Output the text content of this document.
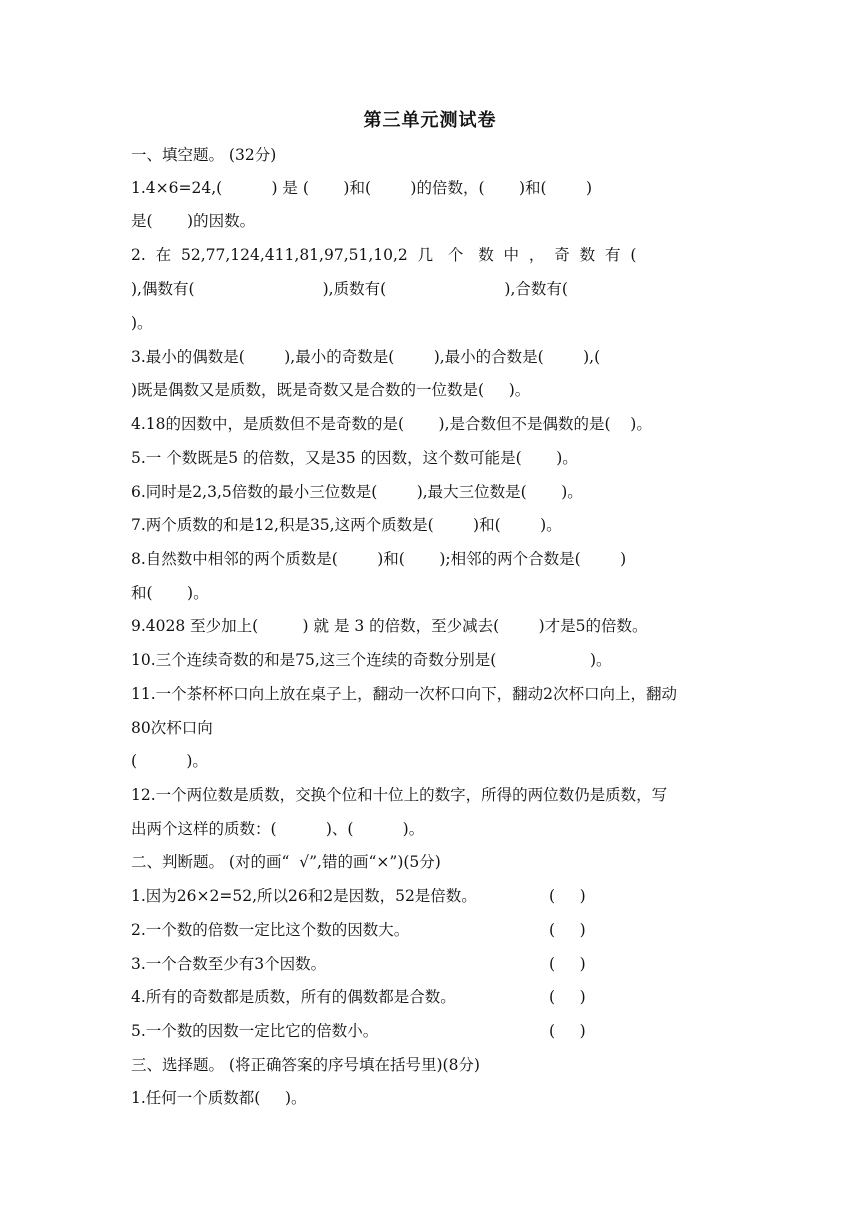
第三单元测试卷
一、填空题。 (32分)
1.4×6=24,(          ) 是 (       )和(        )的倍数，(       )和(        )
是(       )的因数。
2.  在  52,77,124,411,81,97,51,10,2  几   个   数  中  ，  奇  数  有  (
),偶数有(                          ),质数有(                        ),合数有(
)。
3.最小的偶数是(        ),最小的奇数是(        ),最小的合数是(        ),(
)既是偶数又是质数，既是奇数又是合数的一位数是(     )。
4.18的因数中，是质数但不是奇数的是(       ),是合数但不是偶数的是(    )。
5.一 个数既是5 的倍数，又是35 的因数，这个数可能是(       )。
6.同时是2,3,5倍数的最小三位数是(        ),最大三位数是(       )。
7.两个质数的和是12,积是35,这两个质数是(        )和(        )。
8.自然数中相邻的两个质数是(        )和(       );相邻的两个合数是(        )
和(       )。
9.4028 至少加上(         ) 就 是 3 的倍数，至少减去(        )才是5的倍数。
10.三个连续奇数的和是75,这三个连续的奇数分别是(                   )。
11.一个茶杯杯口向上放在桌子上，翻动一次杯口向下，翻动2次杯口向上，翻动
80次杯口向
(          )。
12.一个两位数是质数，交换个位和十位上的数字，所得的两位数仍是质数，写
出两个这样的质数：(          )、(          )。
二、判断题。 (对的画“  √”,错的画“×”)(5分)
1.因为26×2=52,所以26和2是因数，52是倍数。	(     )
2.一个数的倍数一定比这个数的因数大。	(     )
3.一个合数至少有3个因数。	(     )
4.所有的奇数都是质数，所有的偶数都是合数。	(     )
5.一个数的因数一定比它的倍数小。	(     )
三、选择题。 (将正确答案的序号填在括号里)(8分)
1.任何一个质数都(     )。
